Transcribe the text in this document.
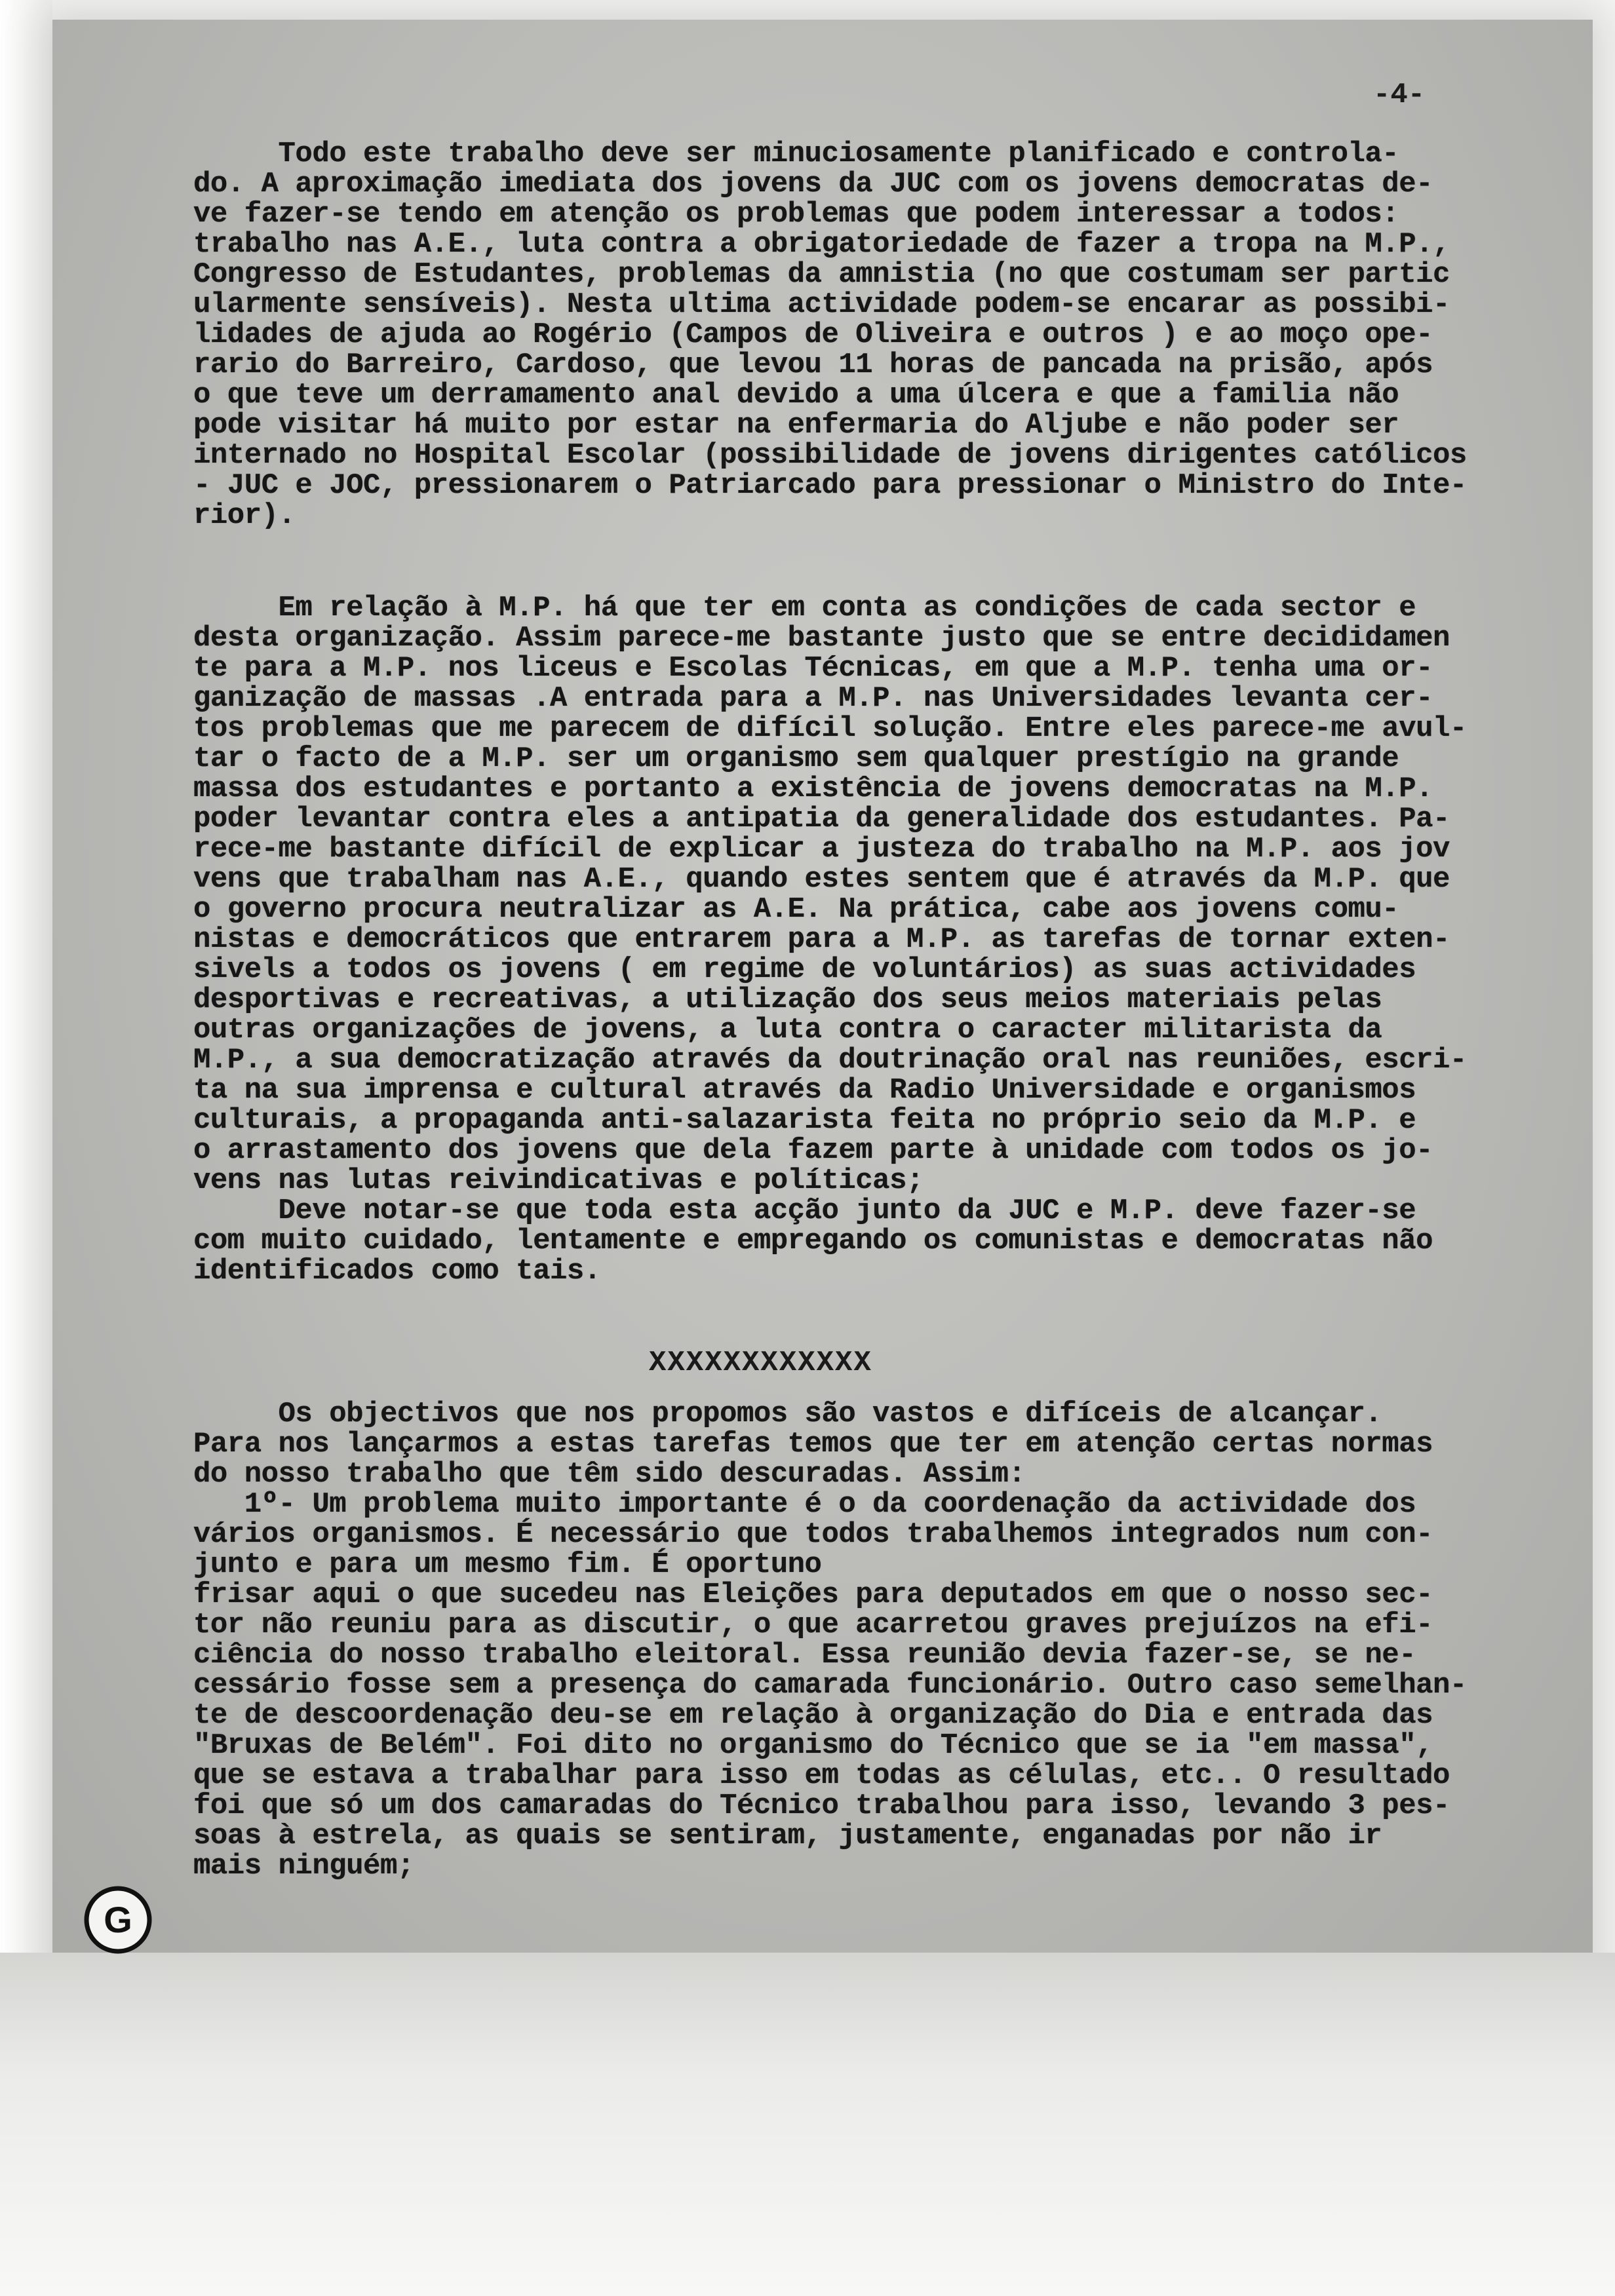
-4-
Todo este trabalho deve ser minuciosamente planificado e controla-
do. A aproximação imediata dos jovens da JUC com os jovens democratas de-
ve fazer-se tendo em atenção os problemas que podem interessar a todos:
trabalho nas A.E., luta contra a obrigatoriedade de fazer a tropa na M.P.,
Congresso de Estudantes, problemas da amnistia (no que costumam ser partic
ularmente sensíveis). Nesta ultima actividade podem-se encarar as possibi-
lidades de ajuda ao Rogério (Campos de Oliveira e outros ) e ao moço ope-
rario do Barreiro, Cardoso, que levou 11 horas de pancada na prisão, após
o que teve um derramamento anal devido a uma úlcera e que a familia não
pode visitar há muito por estar na enfermaria do Aljube e não poder ser
internado no Hospital Escolar (possibilidade de jovens dirigentes católicos
- JUC e JOC, pressionarem o Patriarcado para pressionar o Ministro do Inte-
rior).
Em relação à M.P. há que ter em conta as condições de cada sector e
desta organização. Assim parece-me bastante justo que se entre decididamen
te para a M.P. nos liceus e Escolas Técnicas, em que a M.P. tenha uma or-
ganização de massas .A entrada para a M.P. nas Universidades levanta cer-
tos problemas que me parecem de difícil solução. Entre eles parece-me avul-
tar o facto de a M.P. ser um organismo sem qualquer prestígio na grande
massa dos estudantes e portanto a existência de jovens democratas na M.P.
poder levantar contra eles a antipatia da generalidade dos estudantes. Pa-
rece-me bastante difícil de explicar a justeza do trabalho na M.P. aos jov
vens que trabalham nas A.E., quando estes sentem que é através da M.P. que
o governo procura neutralizar as A.E. Na prática, cabe aos jovens comu-
nistas e democráticos que entrarem para a M.P. as tarefas de tornar exten-
sivels a todos os jovens ( em regime de voluntários) as suas actividades
desportivas e recreativas, a utilização dos seus meios materiais pelas
outras organizações de jovens, a luta contra o caracter militarista da
M.P., a sua democratização através da doutrinação oral nas reuniões, escri-
ta na sua imprensa e cultural através da Radio Universidade e organismos
culturais, a propaganda anti-salazarista feita no próprio seio da M.P. e
o arrastamento dos jovens que dela fazem parte à unidade com todos os jo-
vens nas lutas reivindicativas e políticas;
Deve notar-se que toda esta acção junto da JUC e M.P. deve fazer-se
com muito cuidado, lentamente e empregando os comunistas e democratas não
identificados como tais.
XXXXXXXXXXXX
Os objectivos que nos propomos são vastos e difíceis de alcançar.
Para nos lançarmos a estas tarefas temos que ter em atenção certas normas
do nosso trabalho que têm sido descuradas. Assim:
1º- Um problema muito importante é o da coordenação da actividade dos
vários organismos. É necessário que todos trabalhemos integrados num con-
junto e para um mesmo fim. É oportuno
frisar aqui o que sucedeu nas Eleições para deputados em que o nosso sec-
tor não reuniu para as discutir, o que acarretou graves prejuízos na efi-
ciência do nosso trabalho eleitoral. Essa reunião devia fazer-se, se ne-
cessário fosse sem a presença do camarada funcionário. Outro caso semelhan-
te de descoordenação deu-se em relação à organização do Dia e entrada das
"Bruxas de Belém". Foi dito no organismo do Técnico que se ia "em massa",
que se estava a trabalhar para isso em todas as células, etc.. O resultado
foi que só um dos camaradas do Técnico trabalhou para isso, levando 3 pes-
soas à estrela, as quais se sentiram, justamente, enganadas por não ir
mais ninguém;
G
